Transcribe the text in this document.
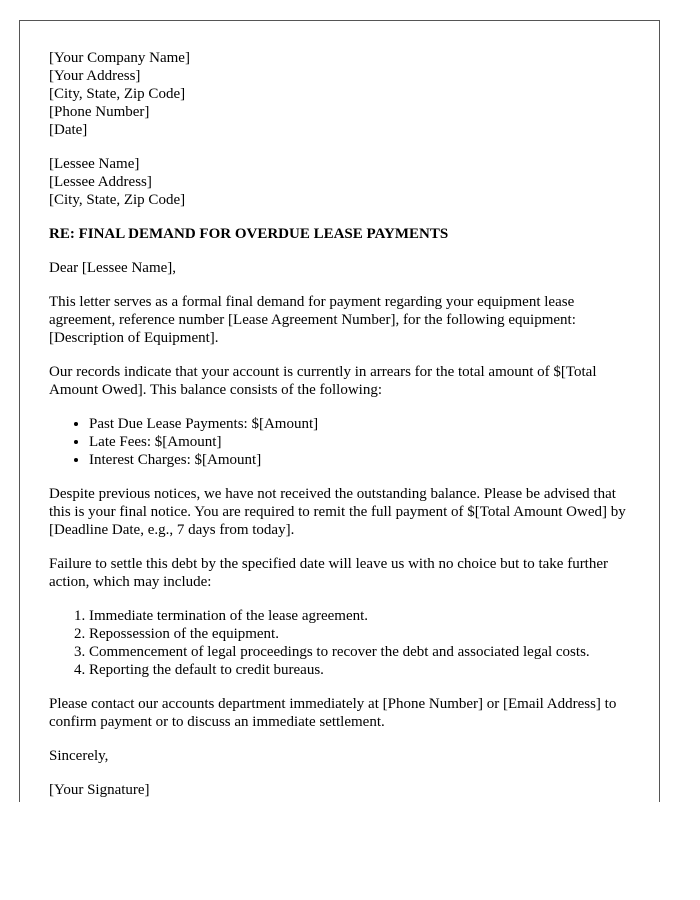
[Your Company Name]
[Your Address]
[City, State, Zip Code]
[Phone Number]
[Date]
[Lessee Name]
[Lessee Address]
[City, State, Zip Code]
RE: FINAL DEMAND FOR OVERDUE LEASE PAYMENTS

Dear [Lessee Name],

This letter serves as a formal final demand for payment regarding your equipment lease agreement, reference number [Lease Agreement Number], for the following equipment: [Description of Equipment].

Our records indicate that your account is currently in arrears for the total amount of $[Total Amount Owed]. This balance consists of the following:

• Past Due Lease Payments: $[Amount]
• Late Fees: $[Amount]
• Interest Charges: $[Amount]

Despite previous notices, we have not received the outstanding balance. Please be advised that this is your final notice. You are required to remit the full payment of $[Total Amount Owed] by [Deadline Date, e.g., 7 days from today].

Failure to settle this debt by the specified date will leave us with no choice but to take further action, which may include:

1. Immediate termination of the lease agreement.
2. Repossession of the equipment.
3. Commencement of legal proceedings to recover the debt and associated legal costs.
4. Reporting the default to credit bureaus.

Please contact our accounts department immediately at [Phone Number] or [Email Address] to confirm payment or to discuss an immediate settlement.

Sincerely,

[Your Signature]
